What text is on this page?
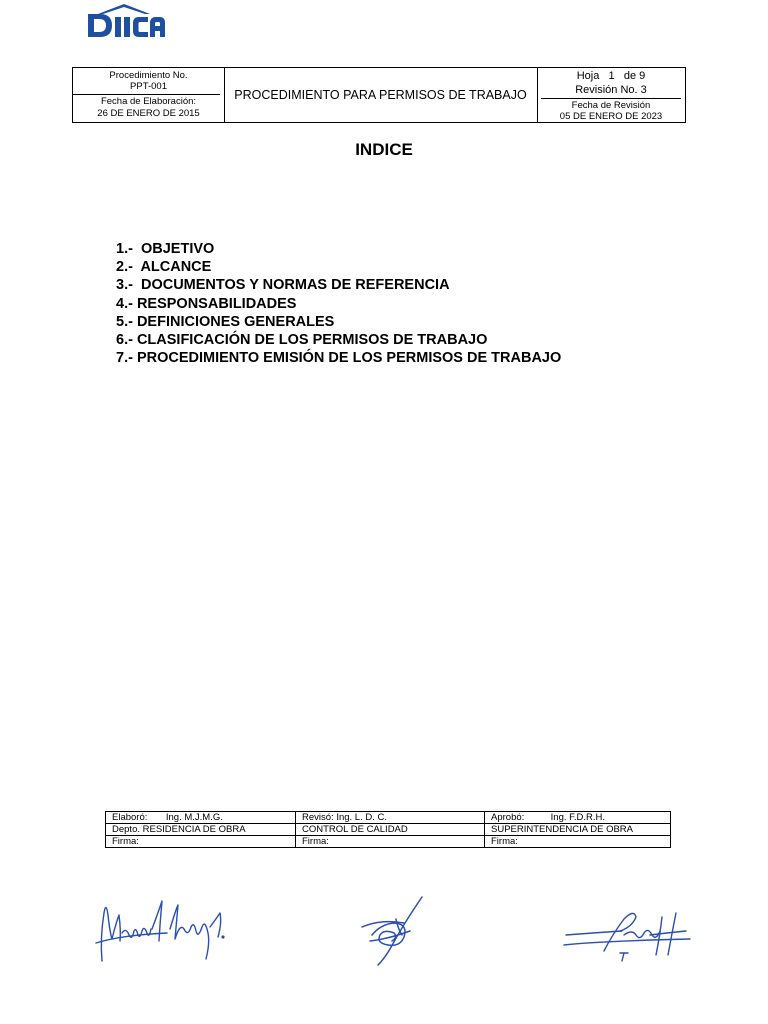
Procedimiento No.
PPT-001
Fecha de Elaboración:
26 DE ENERO DE 2015
PROCEDIMIENTO PARA PERMISOS DE TRABAJO
Hoja 1 de 9
Revisión No. 3
Fecha de Revisión
05 DE ENERO DE 2023
INDICE
1.-  OBJETIVO
2.-  ALCANCE
3.-  DOCUMENTOS Y NORMAS DE REFERENCIA
4.- RESPONSABILIDADES
5.- DEFINICIONES GENERALES
6.- CLASIFICACIÓN DE LOS PERMISOS DE TRABAJO
7.- PROCEDIMIENTO EMISIÓN DE LOS PERMISOS DE TRABAJO
Elaboró:       Ing. M.J.M.G.	Revisó: Ing. L. D. C.	Aprobó:          Ing. F.D.R.H.
Depto. RESIDENCIA DE OBRA	CONTROL DE CALIDAD	SUPERINTENDENCIA DE OBRA
Firma:	Firma:	Firma:
